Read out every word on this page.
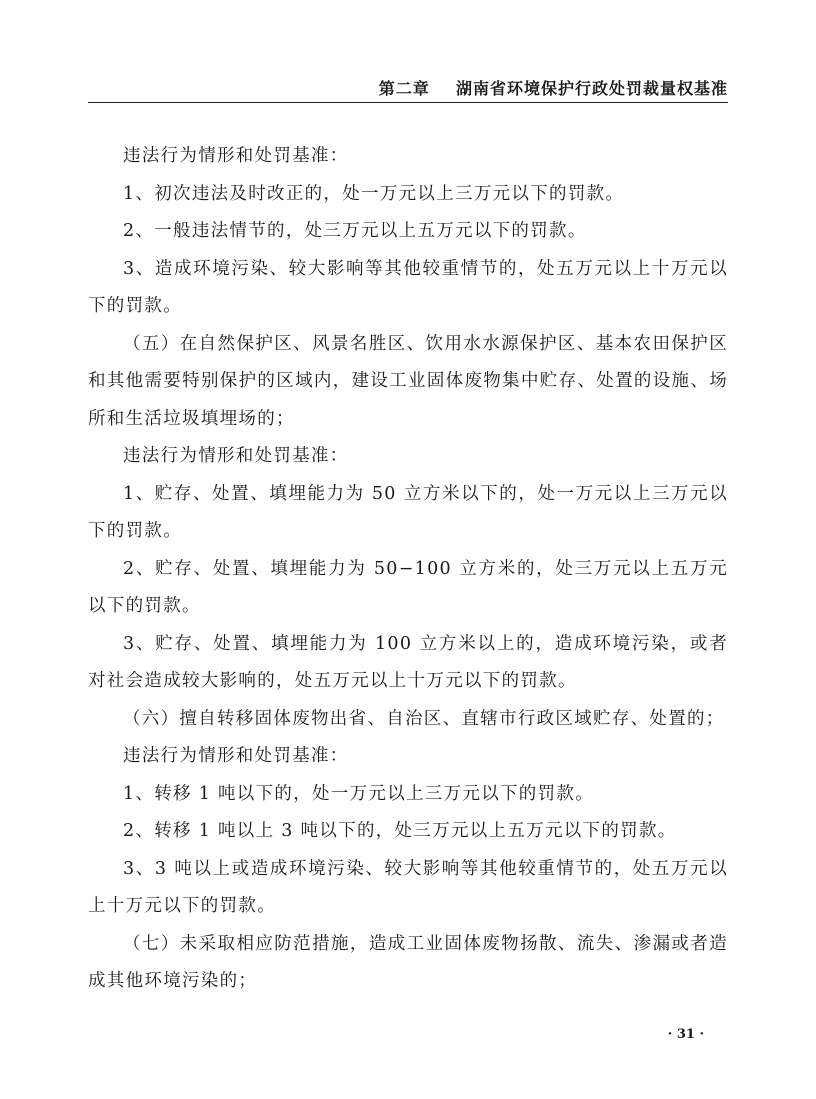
第二章    湖南省环境保护行政处罚裁量权基准

违法行为情形和处罚基准：

1、初次违法及时改正的，处一万元以上三万元以下的罚款。

2、一般违法情节的，处三万元以上五万元以下的罚款。

3、造成环境污染、较大影响等其他较重情节的，处五万元以上十万元以下的罚款。

（五）在自然保护区、风景名胜区、饮用水水源保护区、基本农田保护区和其他需要特别保护的区域内，建设工业固体废物集中贮存、处置的设施、场所和生活垃圾填埋场的；

违法行为情形和处罚基准：

1、贮存、处置、填埋能力为 50 立方米以下的，处一万元以上三万元以下的罚款。

2、贮存、处置、填埋能力为 50−100 立方米的，处三万元以上五万元以下的罚款。

3、贮存、处置、填埋能力为 100 立方米以上的，造成环境污染，或者对社会造成较大影响的，处五万元以上十万元以下的罚款。

（六）擅自转移固体废物出省、自治区、直辖市行政区域贮存、处置的；

违法行为情形和处罚基准：

1、转移 1 吨以下的，处一万元以上三万元以下的罚款。

2、转移 1 吨以上 3 吨以下的，处三万元以上五万元以下的罚款。

3、3 吨以上或造成环境污染、较大影响等其他较重情节的，处五万元以上十万元以下的罚款。

（七）未采取相应防范措施，造成工业固体废物扬散、流失、渗漏或者造成其他环境污染的；

· 31 ·
